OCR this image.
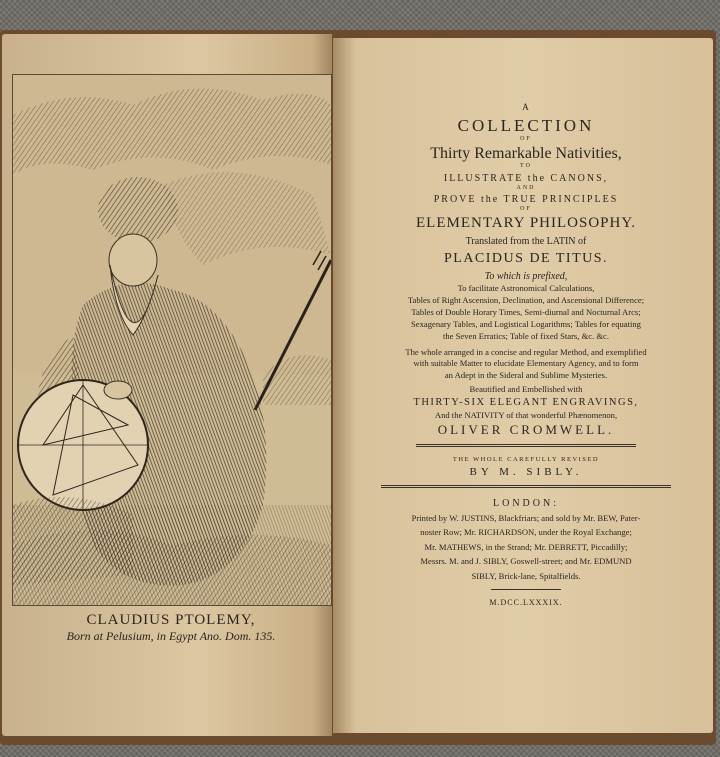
CLAUDIUS PTOLEMY,
Born at Pelusium, in Egypt Ano. Dom. 135.
A
COLLECTION
OF
Thirty Remarkable Nativities,
TO
ILLUSTRATE the CANONS,
AND
PROVE the TRUE PRINCIPLES
OF
ELEMENTARY PHILOSOPHY.
Translated from the LATIN of
PLACIDUS DE TITUS.
To which is prefixed,
To facilitate Astronomical Calculations,
Tables of Right Ascension, Declination, and Ascensional Difference;
Tables of Double Horary Times, Semi-diurnal and Nocturnal Arcs;
Sexagenary Tables, and Logistical Logarithms; Tables for equating
the Seven Erratics; Table of fixed Stars, &c. &c.
The whole arranged in a concise and regular Method, and exemplified
with suitable Matter to elucidate Elementary Agency, and to form
an Adept in the Sideral and Sublime Mysteries.
Beautified and Embellished with
THIRTY-SIX ELEGANT ENGRAVINGS,
And the NATIVITY of that wonderful Phænomenon,
OLIVER CROMWELL.
THE WHOLE CAREFULLY REVISED
BY M. SIBLY.
LONDON:
Printed by W. JUSTINS, Blackfriars; and sold by Mr. BEW, Pater-
noster Row; Mr. RICHARDSON, under the Royal Exchange;
Mr. MATHEWS, in the Strand; Mr. DEBRETT, Piccadilly;
Messrs. M. and J. SIBLY, Goswell-street; and Mr. EDMUND
SIBLY, Brick-lane, Spitalfields.
M.DCC.LXXXIX.
